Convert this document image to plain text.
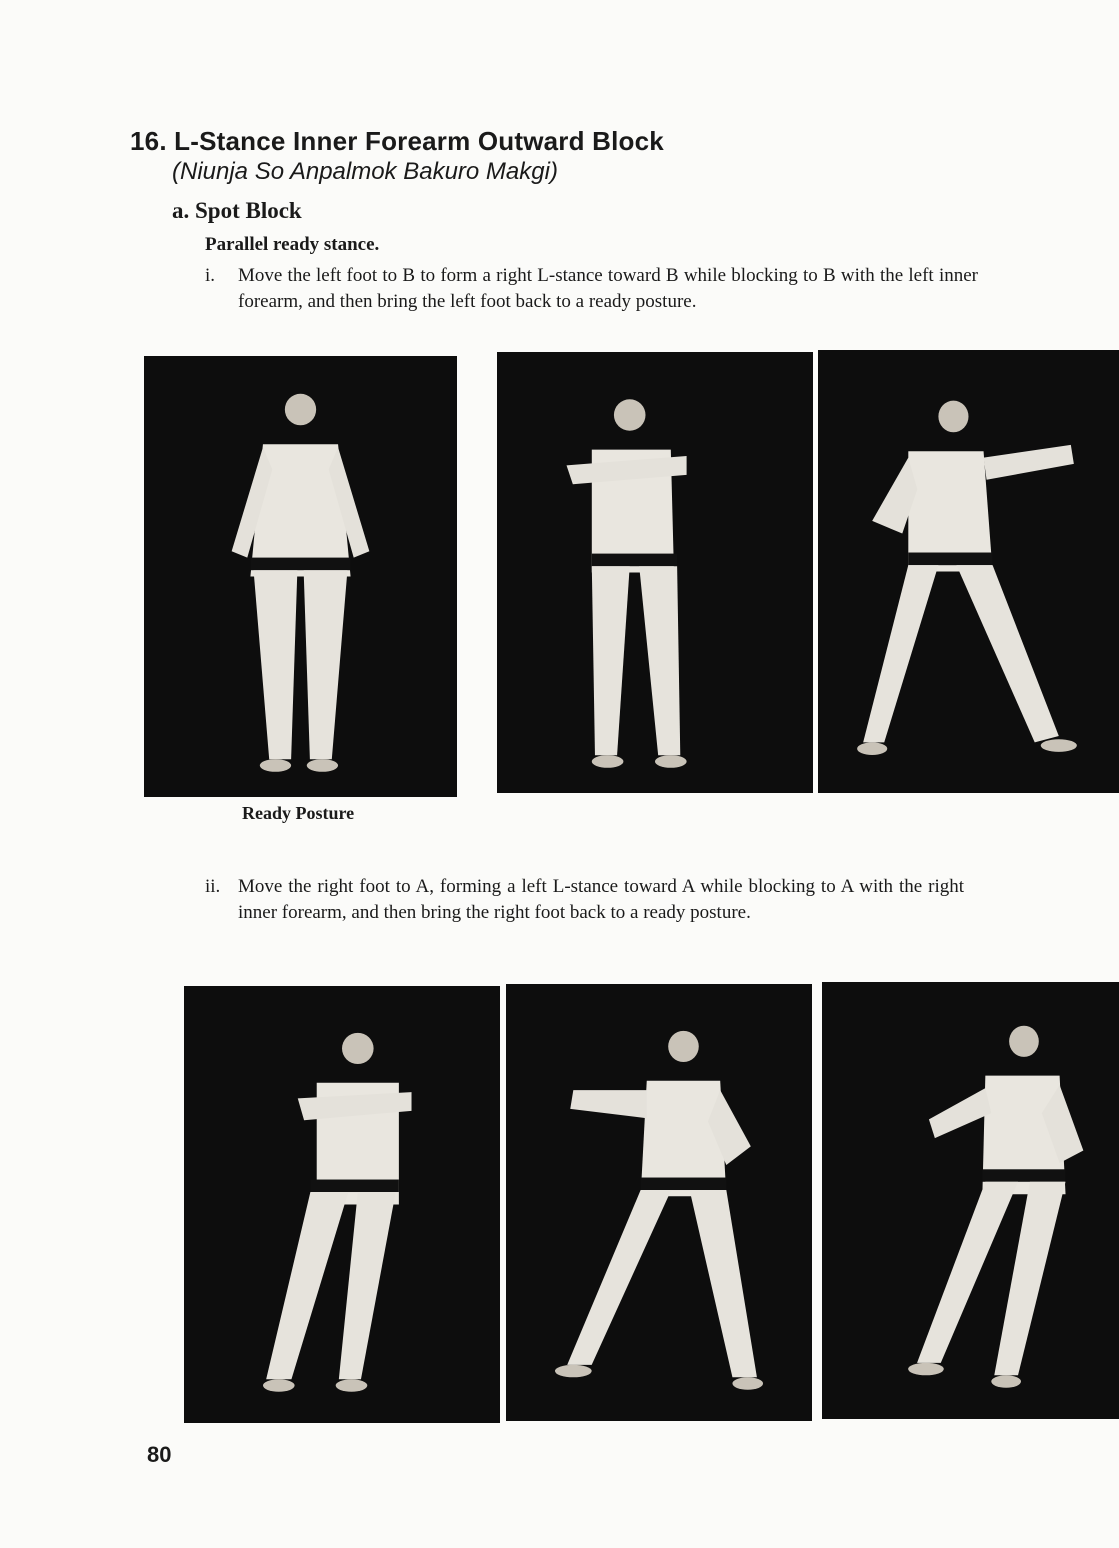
16. L-Stance Inner Forearm Outward Block
(Niunja So Anpalmok Bakuro Makgi)
a. Spot Block
Parallel ready stance.
i. Move the left foot to B to form a right L-stance toward B while blocking to B with the left inner forearm, and then bring the left foot back to a ready posture.
Ready Posture
ii. Move the right foot to A, forming a left L-stance toward A while blocking to A with the right inner forearm, and then bring the right foot back to a ready posture.
80
